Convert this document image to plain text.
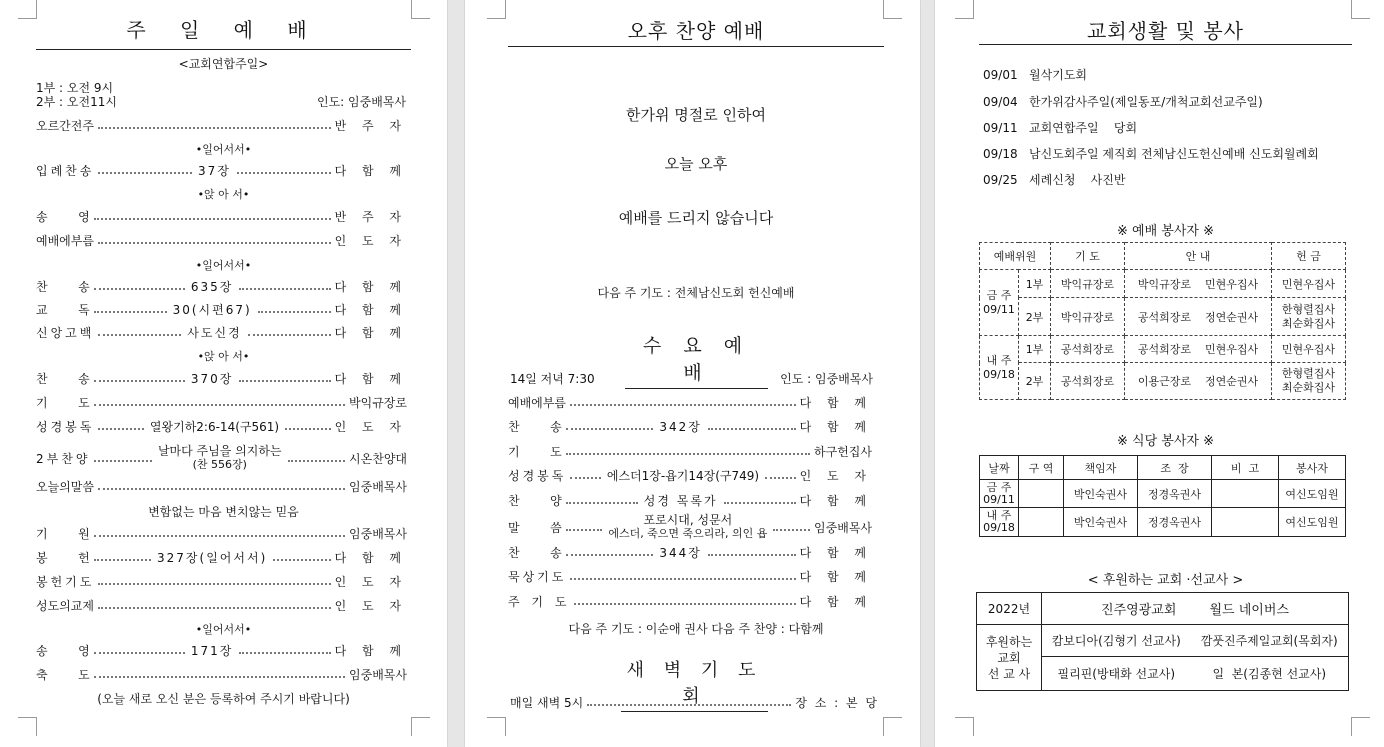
주 일 예 배
<교회연합주일>
1부 : 오전 9시
2부 : 오전11시	인도: 임중배목사
오르간전주	반 주 자
•일어서서•
입례찬송	37장	다 함 께
•앉 아 서•
송        영	반 주 자
예배에부름	인 도 자
•일어서서•
찬        송	635장	다 함 께
교        독	30(시편67)	다 함 께
신앙고백	사도신경	다 함 께
•앉 아 서•
찬        송	370장	다 함 께
기        도	박익규장로
성경봉독	열왕기하2:6-14(구561)	인 도 자
2부찬양
날마다 주님을 의지하는
(찬 556장)	시온찬양대
오늘의말씀	임중배목사
변함없는 마음 변치않는 믿음
기        원	임중배목사
봉        헌	327장(일어서서)	다 함 께
봉헌기도	인 도 자
성도의교제	인 도 자
•일어서서•
송        영	171장	다 함 께
축        도	임중배목사
(오늘 새로 오신 분은 등록하여 주시기 바랍니다)
오후 찬양 예배
한가위 명절로 인하여
오늘 오후
예배를 드리지 않습니다
다음 주 기도 : 전체남신도회 헌신예배
수 요 예 배
14일 저녁 7:30	인도 : 임중배목사
예배에부름	다 함 께
찬        송	342장	다 함 께
기        도	하구헌집사
성경봉독	에스더1장-욥기14장(구749)	인 도 자
찬        양	성경 목록가	다 함 께
말        씀
포로시대, 성문서
에스더, 죽으면 죽으리라, 의인 욥	임중배목사
찬        송	344장	다 함 께
묵상기도	다 함 께
주 기 도	다 함 께
다음 주 기도 : 이순애 권사 다음 주 찬양 : 다함께
새 벽 기 도 회
매일 새벽 5시	장 소 : 본 당
교회생활 및 봉사
09/01 월삭기도회
09/04 한가위감사주일(제일동포/개척교회선교주일)
09/11 교회연합주일    당회
09/18 남신도회주일 제직회 전체남신도헌신예배 신도회월례회
09/25 세례신청    사진반
※ 예배 봉사자 ※
예배위원		기 도	안 내	헌 금
금 주
09/11	1부	박익규장로	박익규장로    민현우집사	민현우집사
	2부	박익규장로	공석희장로    정연순권사	한형렬집사
최순화집사
내 주
09/18	1부	공석희장로	공석희장로    민현우집사	민현우집사
	2부	공석희장로	이용근장로    정연순권사	한형렬집사
최순화집사
※ 식당 봉사자 ※
날짜	구 역	책임자	조  장	비  고	봉사자
금 주
09/11		박인숙권사	정경옥권사		여신도임원
내 주
09/18		박인숙권사	정경옥권사		여신도임원
< 후원하는 교회 ·선교사 >
2022년	진주영광교회 월드 네이버스	
후원하는
교회
선 교 사	캄보디아(김형기 선교사)	깜풋진주제일교회(목회자)
	필리핀(방태화 선교사)	일  본(김종현 선교사)
